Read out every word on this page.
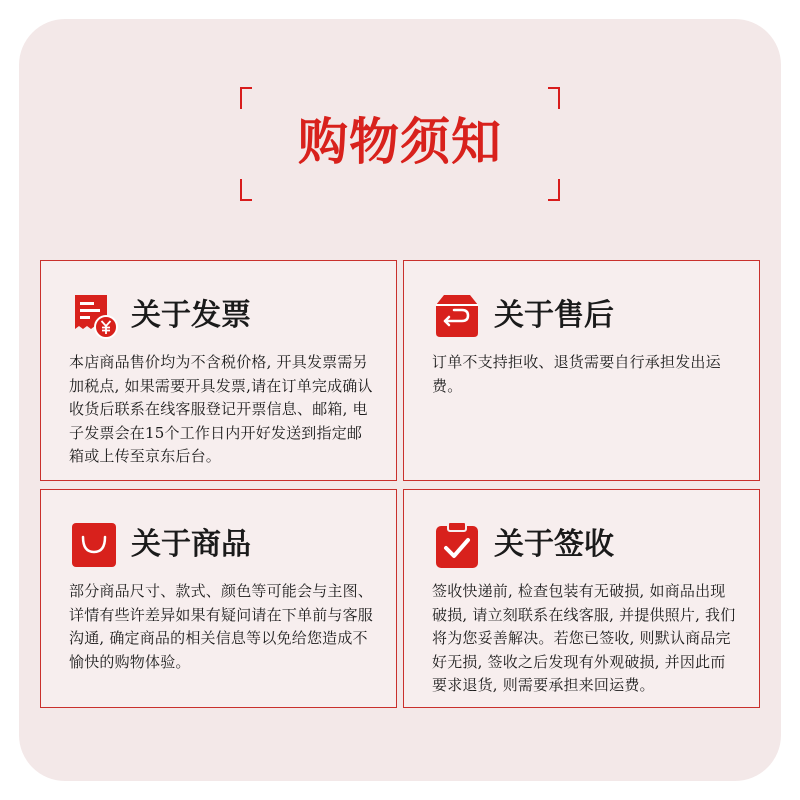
购物须知
关于发票
本店商品售价均为不含税价格, 开具发票需另加税点, 如果需要开具发票,请在订单完成确认收货后联系在线客服登记开票信息、邮箱, 电子发票会在15个工作日内开好发送到指定邮箱或上传至京东后台。
关于售后
订单不支持拒收、退货需要自行承担发出运费。
关于商品
部分商品尺寸、款式、颜色等可能会与主图、详情有些许差异如果有疑问请在下单前与客服沟通, 确定商品的相关信息等以免给您造成不愉快的购物体验。
关于签收
签收快递前, 检查包装有无破损, 如商品出现破损, 请立刻联系在线客服, 并提供照片, 我们将为您妥善解决。若您已签收, 则默认商品完好无损, 签收之后发现有外观破损, 并因此而要求退货, 则需要承担来回运费。
